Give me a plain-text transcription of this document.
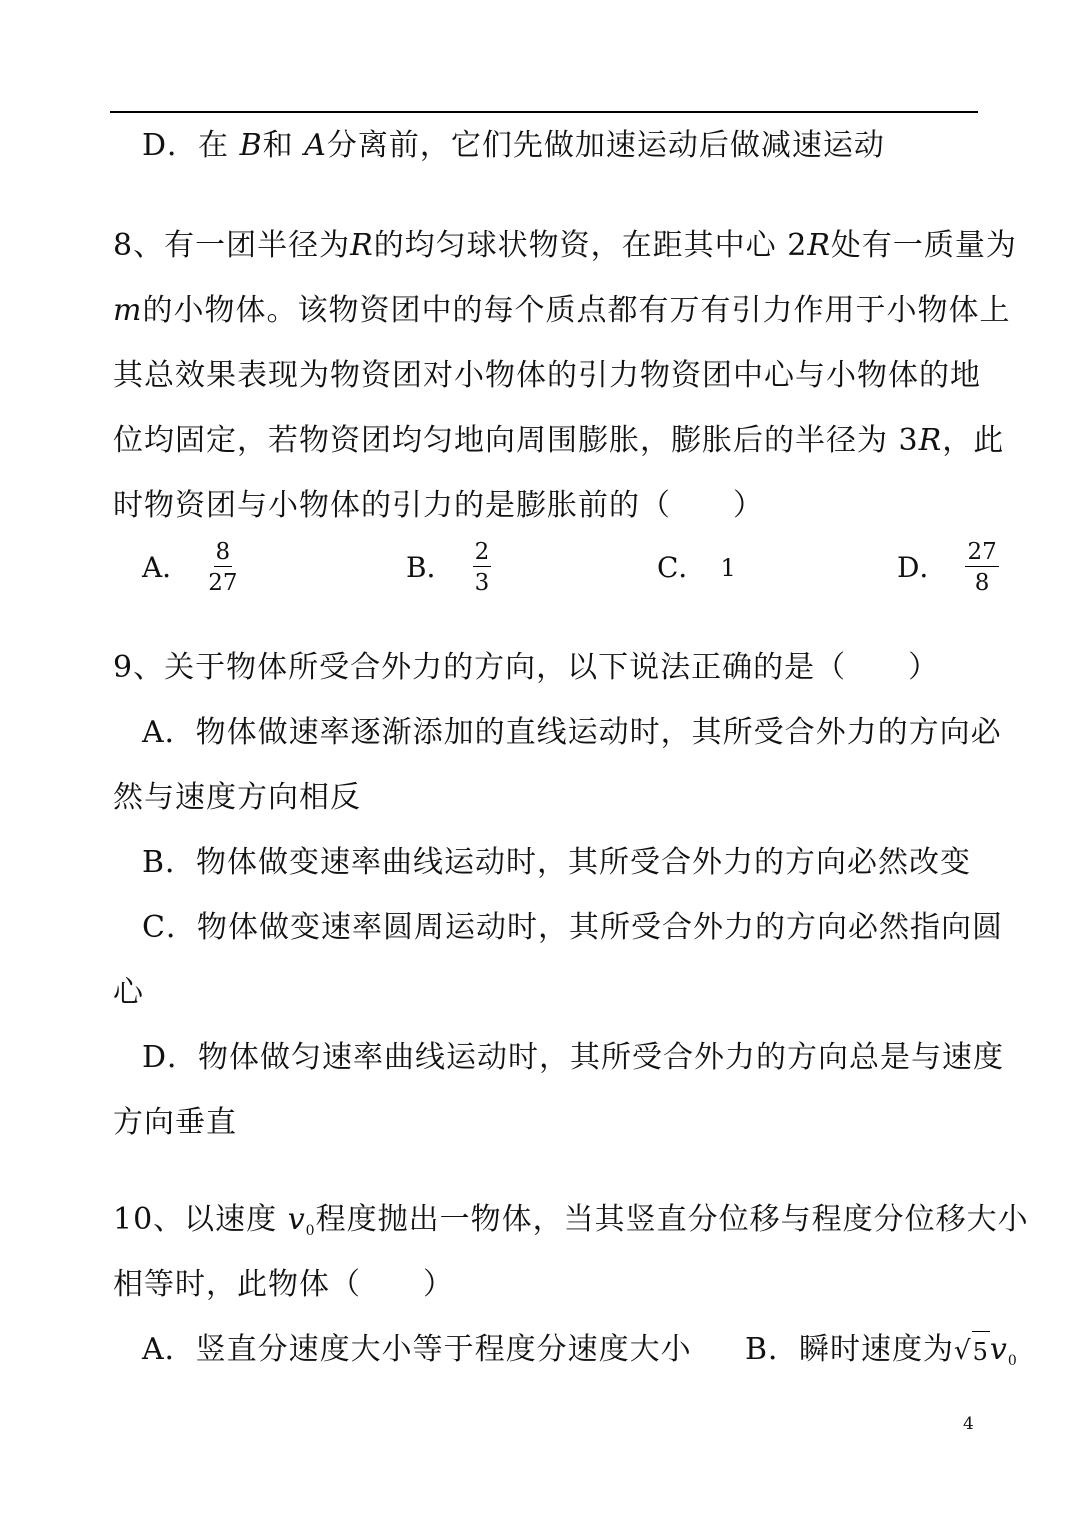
D．在 B和 A分离前，它们先做加速运动后做减速运动
8、有一团半径为R的均匀球状物资，在距其中心 2R处有一质量为
m的小物体。该物资团中的每个质点都有万有引力作用于小物体上
其总效果表现为物资团对小物体的引力物资团中心与小物体的地
位均固定，若物资团均匀地向周围膨胀，膨胀后的半径为 3R，此
时物资团与小物体的引力的是膨胀前的（　　）
A． $\frac{8}{27}$	B． $\frac{2}{3}$	C． 1	D． $\frac{27}{8}$
9、关于物体所受合外力的方向，以下说法正确的是（　　）
A．物体做速率逐渐添加的直线运动时，其所受合外力的方向必
然与速度方向相反
B．物体做变速率曲线运动时，其所受合外力的方向必然改变
C．物体做变速率圆周运动时，其所受合外力的方向必然指向圆
心
D．物体做匀速率曲线运动时，其所受合外力的方向总是与速度
方向垂直
10、以速度 $v_0$程度抛出一物体，当其竖直分位移与程度分位移大小
相等时，此物体（　　）
A．竖直分速度大小等于程度分速度大小 B．瞬时速度为 √ 5 $v_0$
4
